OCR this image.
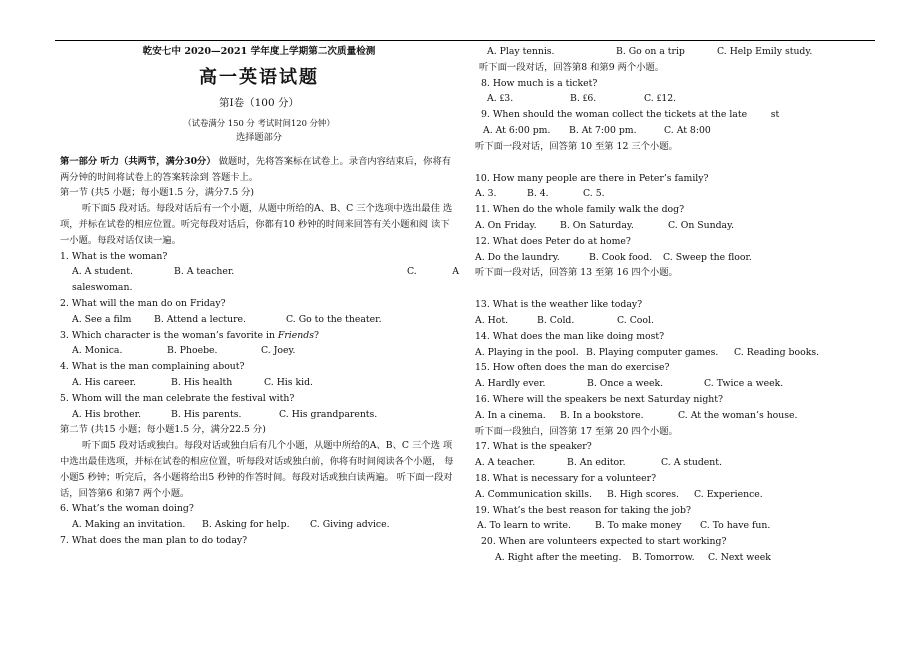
乾安七中 2020—2021 学年度上学期第二次质量检测
高一英语试题
第Ⅰ卷（100 分）
（试卷满分 150 分 考试时间120 分钟）
选择题部分
第一部分 听力（共两节，满分30分） 做题时，先将答案标在试卷上。录音内容结束后，你将有两分钟的时间将试卷上的答案转涂到 答题卡上。
第一节 (共5 小题；每小题1.5 分，满分7.5 分)
听下面5 段对话。每段对话后有一个小题，从题中所给的A、B、C 三个选项中选出最佳 选项，并标在试卷的相应位置。听完每段对话后，你都有10 秒钟的时间来回答有关小题和阅 读下一小题。每段对话仅读一遍。
1. What is the woman?
A. A student.	B. A teacher.	C.            A
saleswoman.
2. What will the man do on Friday?
A. See a film	B. Attend a lecture.	C. Go to the theater.
3. Which character is the woman’s favorite in Friends?
A. Monica.	B. Phoebe.	C. Joey.
4. What is the man complaining about?
A. His career.	B. His health	C. His kid.
5. Whom will the man celebrate the festival with?
A. His brother.	B. His parents.	C. His grandparents.
第二节 (共15 小题；每小题1.5 分，满分22.5 分)
听下面5 段对话或独白。每段对话或独白后有几个小题，从题中所给的A、B、C 三个选 项中选出最佳选项，并标在试卷的相应位置，听每段对话或独白前，你将有时间阅读各个小题， 每小题5 秒钟；听完后，各小题将给出5 秒钟的作答时间。每段对话或独白读两遍。 听下面一段对话，回答第6 和第7 两个小题。
6. What’s the woman doing?
A. Making an invitation.	B. Asking for help.	C. Giving advice.
7. What does the man plan to do today?
A. Play tennis.	B. Go on a trip	C. Help Emily study.
听下面一段对话，回答第8 和第9 两个小题。
8. How much is a ticket?
A. ₤3.	B. ₤6.	C. ₤12.
9. When should the woman collect the tickets at the late	st
A. At 6:00 pm.	B. At 7:00 pm.	C. At 8:00
听下面一段对话，回答第 10 至第 12 三个小题。
10. How many people are there in Peter’s family?
A. 3.	B. 4.	C. 5.
11. When do the whole family walk the dog?
A. On Friday.	B. On Saturday.	C. On Sunday.
12. What does Peter do at home?
A. Do the laundry.	B. Cook food.	C. Sweep the floor.
听下面一段对话，回答第 13 至第 16 四个小题。
13. What is the weather like today?
A. Hot.	B. Cold.	C. Cool.
14. What does the man like doing most?
A. Playing in the pool. B. Playing computer games.	C. Reading books.
15. How often does the man do exercise?
A. Hardly ever.	B. Once a week.	C. Twice a week.
16. Where will the speakers be next Saturday night?
A. In a cinema.	B. In a bookstore.	C. At the woman’s house.
听下面一段独白，回答第 17 至第 20 四个小题。
17. What is the speaker?
A. A teacher.	B. An editor.	C. A student.
18. What is necessary for a volunteer?
A. Communication skills.	B. High scores.	C. Experience.
19. What’s the best reason for taking the job?
A. To learn to write.	B. To make money	C. To have fun.
20. When are volunteers expected to start working?
A. Right after the meeting.	B. Tomorrow.	C. Next week
